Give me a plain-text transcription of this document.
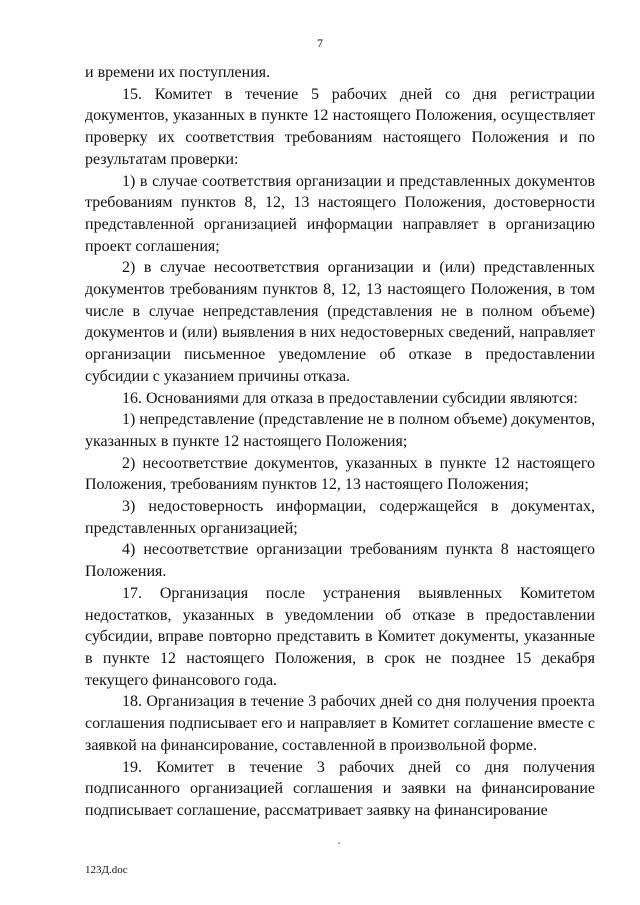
7

и времени их поступления.

15. Комитет в течение 5 рабочих дней со дня регистрации документов, указанных в пункте 12 настоящего Положения, осуществляет проверку их соответствия требованиям настоящего Положения и по результатам проверки:

1) в случае соответствия организации и представленных документов требованиям пунктов 8, 12, 13 настоящего Положения, достоверности представленной организацией информации направляет в организацию проект соглашения;

2) в случае несоответствия организации и (или) представленных документов требованиям пунктов 8, 12, 13 настоящего Положения, в том числе в случае непредставления (представления не в полном объеме) документов и (или) выявления в них недостоверных сведений, направляет организации письменное уведомление об отказе в предоставлении субсидии с указанием причины отказа.

16. Основаниями для отказа в предоставлении субсидии являются:

1) непредставление (представление не в полном объеме) документов, указанных в пункте 12 настоящего Положения;

2) несоответствие документов, указанных в пункте 12 настоящего Положения, требованиям пунктов 12, 13 настоящего Положения;

3) недостоверность информации, содержащейся в документах, представленных организацией;

4) несоответствие организации требованиям пункта 8 настоящего Положения.

17. Организация после устранения выявленных Комитетом недостатков, указанных в уведомлении об отказе в предоставлении субсидии, вправе повторно представить в Комитет документы, указанные в пункте 12 настоящего Положения, в срок не позднее 15 декабря текущего финансового года.

18. Организация в течение 3 рабочих дней со дня получения проекта соглашения подписывает его и направляет в Комитет соглашение вместе с заявкой на финансирование, составленной в произвольной форме.

19. Комитет в течение 3 рабочих дней со дня получения подписанного организацией соглашения и заявки на финансирование подписывает соглашение, рассматривает заявку на финансирование

123Д.doc
